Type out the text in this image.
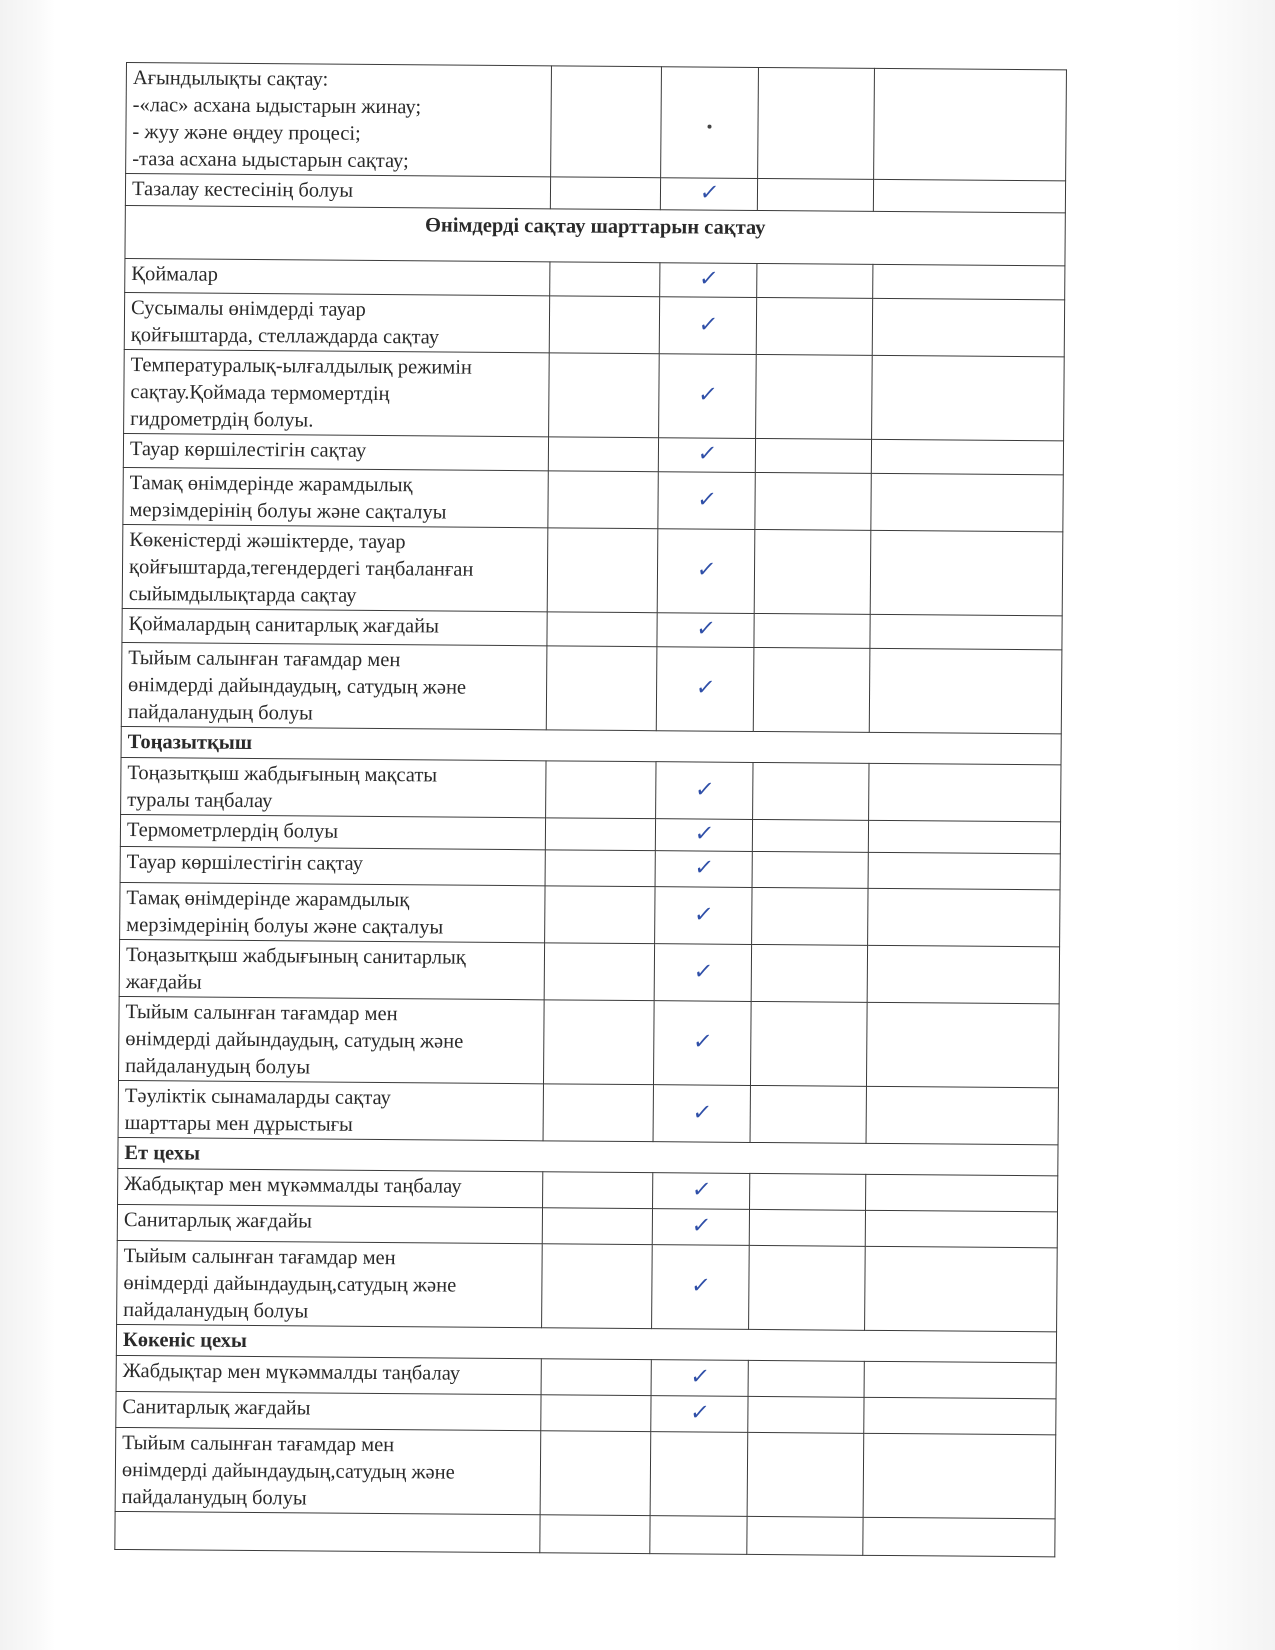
Ағындылықты сақтау:
-«лас» асхана ыдыстарын жинау;
- жуу және өңдеу процесі;
-таза асхана ыдыстарын сақтау;				

Тазалау кестесінің болуы		✓		
Өнімдерді сақтау шарттарын сақтау				

Қоймалар		✓		

Сусымалы өнімдерді тауар
қойғыштарда, стеллаждарда сақтау		✓		

Температуралық-ылғалдылық режимін
сақтау.Қоймада термомертдің
гидрометрдің болуы.		✓		

Тауар көршілестігін сақтау		✓		

Тамақ өнімдерінде жарамдылық
мерзімдерінің болуы және сақталуы		✓		

Көкеністерді жәшіктерде, тауар
қойғыштарда,тегендердегі таңбаланған
сыйымдылықтарда сақтау		✓		

Қоймалардың санитарлық жағдайы		✓		

Тыйым салынған тағамдар мен
өнімдерді дайындаудың, сатудың және
пайдаланудың болуы		✓		
Тоңазытқыш				

Тоңазытқыш жабдығының мақсаты
туралы таңбалау		✓		

Термометрлердің болуы		✓		

Тауар көршілестігін сақтау		✓		

Тамақ өнімдерінде жарамдылық
мерзімдерінің болуы және сақталуы		✓		

Тоңазытқыш жабдығының санитарлық
жағдайы		✓		

Тыйым салынған тағамдар мен
өнімдерді дайындаудың, сатудың және
пайдаланудың болуы		✓		

Тәуліктік сынамаларды сақтау
шарттары мен дұрыстығы		✓		
Ет цехы				

Жабдықтар мен мүкәммалды таңбалау		✓		

Санитарлық жағдайы		✓		

Тыйым салынған тағамдар мен
өнімдерді дайындаудың,сатудың және
пайдаланудың болуы		✓		
Көкеніс цехы				

Жабдықтар мен мүкәммалды таңбалау		✓		

Санитарлық жағдайы		✓		

Тыйым салынған тағамдар мен
өнімдерді дайындаудың,сатудың және
пайдаланудың болуы				
